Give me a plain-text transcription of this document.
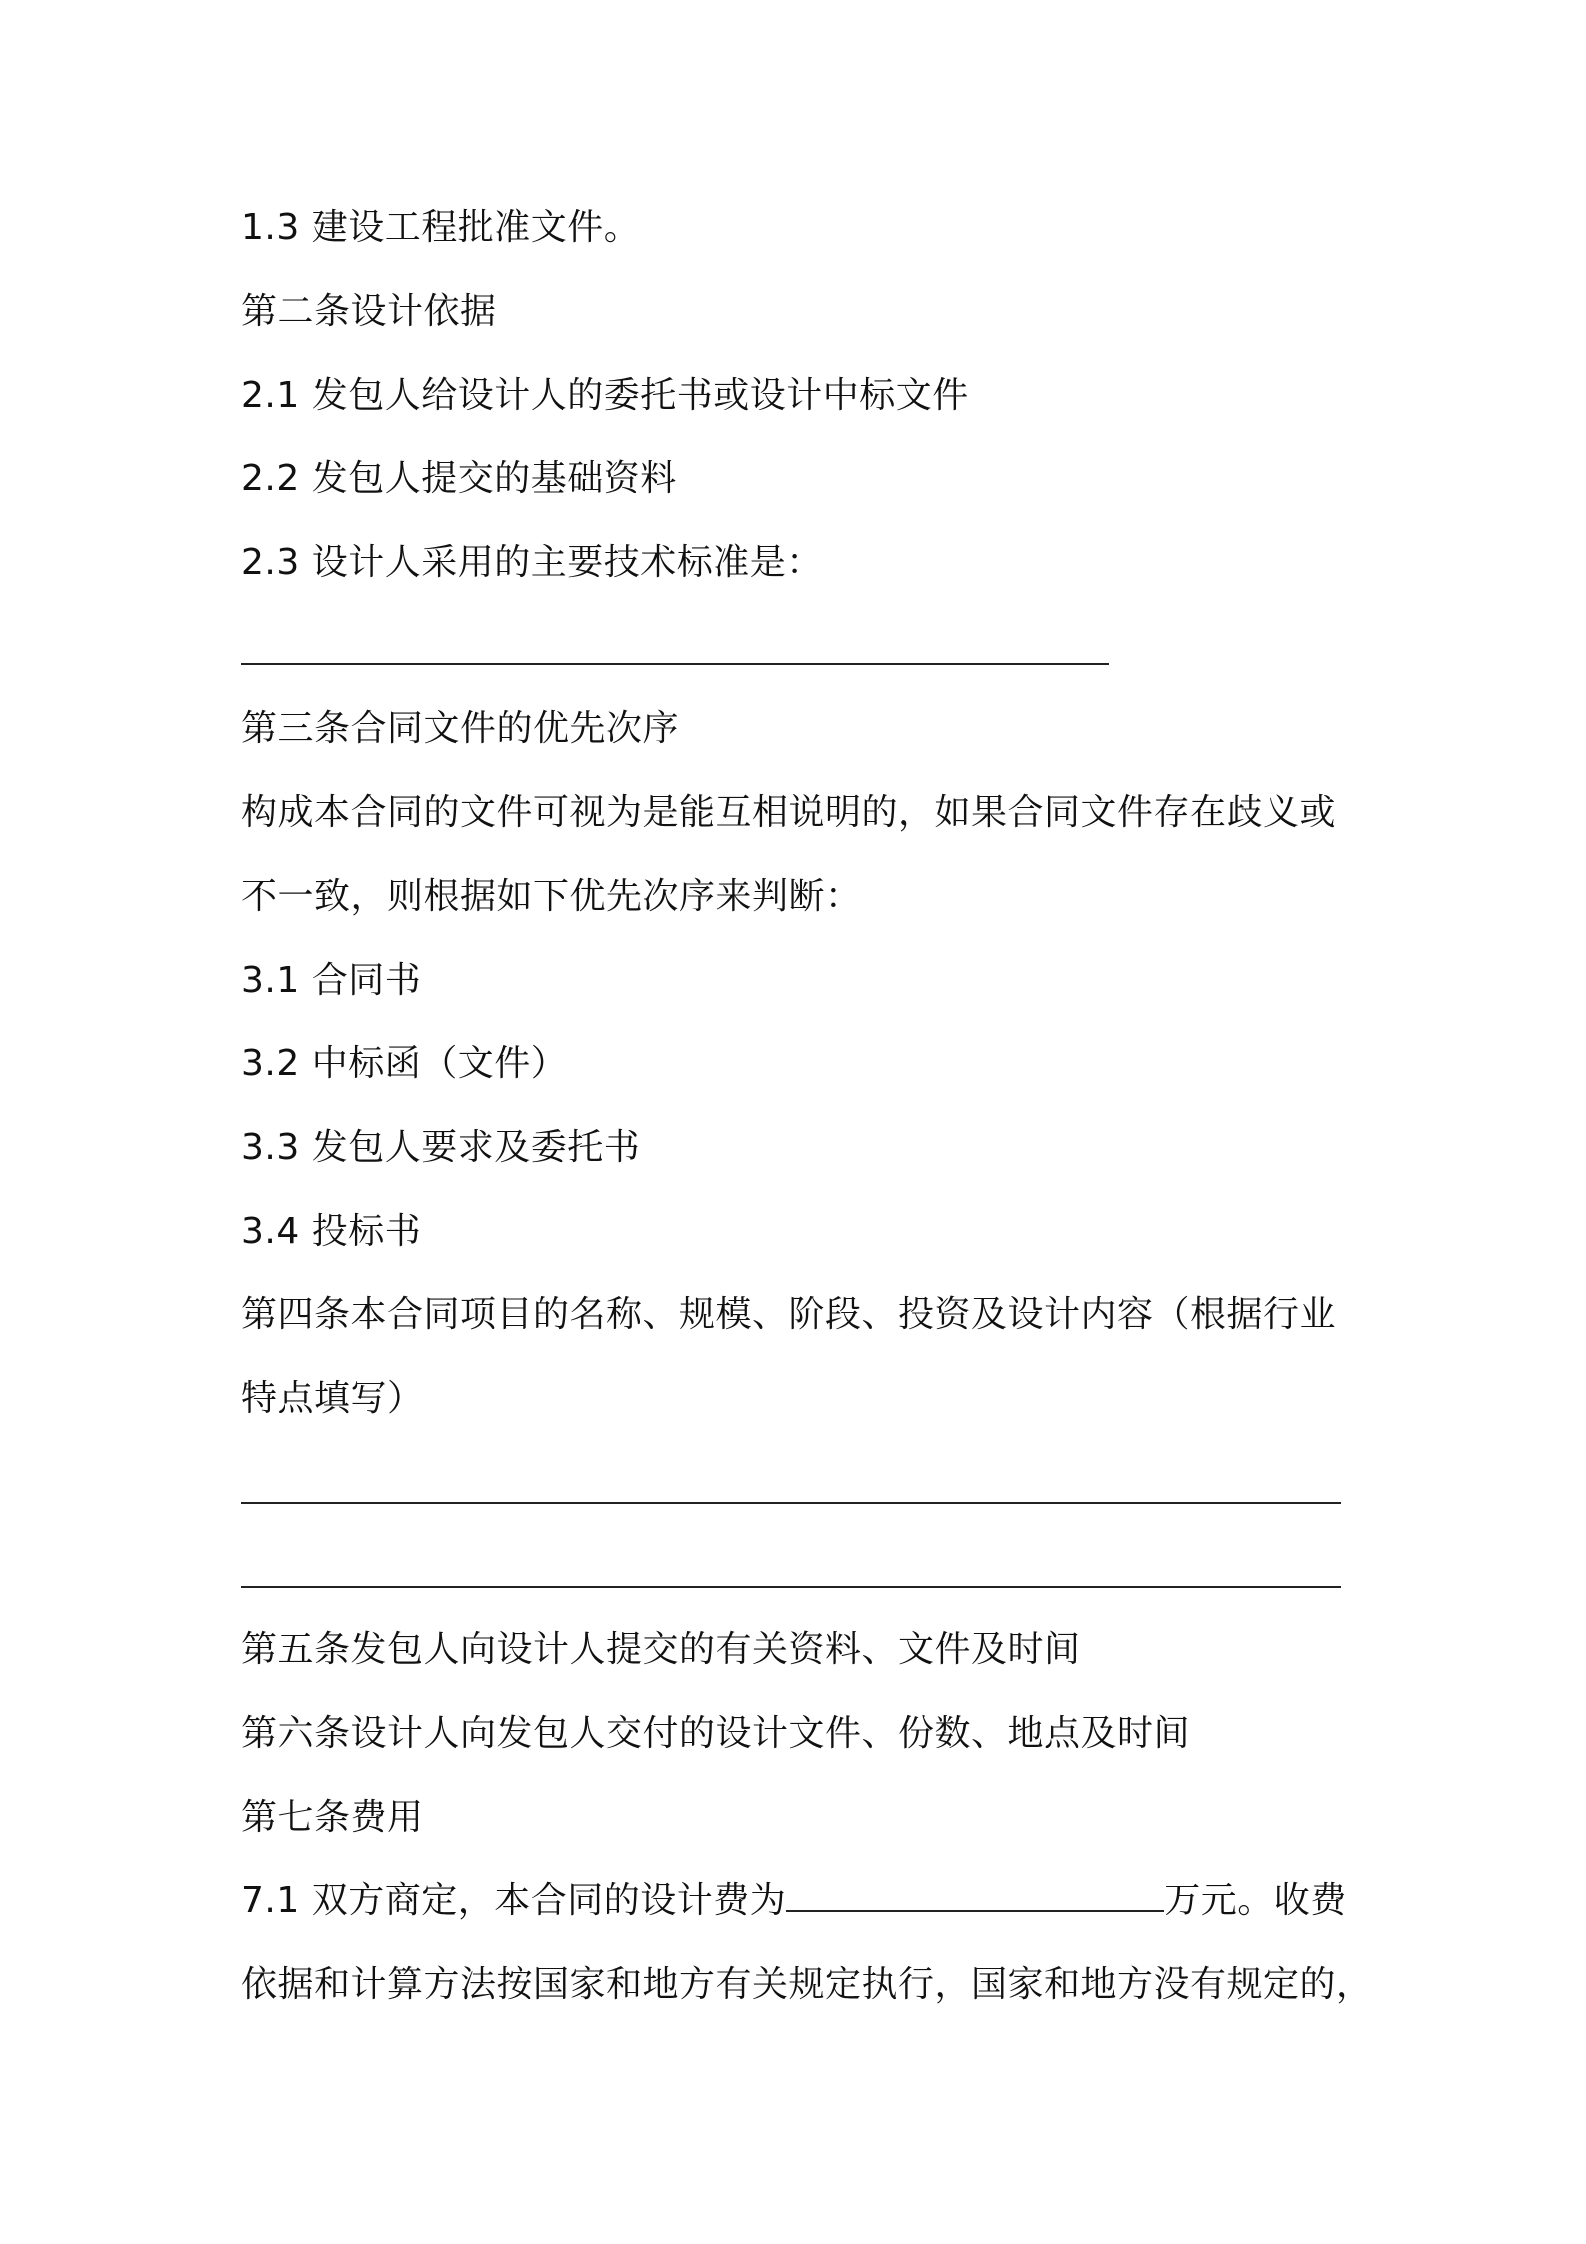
1.3 建设工程批准文件。
第二条设计依据
2.1 发包人给设计人的委托书或设计中标文件
2.2 发包人提交的基础资料
2.3 设计人采用的主要技术标准是：
第三条合同文件的优先次序
构成本合同的文件可视为是能互相说明的，如果合同文件存在歧义或
不一致，则根据如下优先次序来判断：
3.1 合同书
3.2 中标函（文件）
3.3 发包人要求及委托书
3.4 投标书
第四条本合同项目的名称、规模、阶段、投资及设计内容（根据行业
特点填写）
第五条发包人向设计人提交的有关资料、文件及时间
第六条设计人向发包人交付的设计文件、份数、地点及时间
第七条费用
7.1 双方商定，本合同的设计费为	万元。收费
依据和计算方法按国家和地方有关规定执行，国家和地方没有规定的，
